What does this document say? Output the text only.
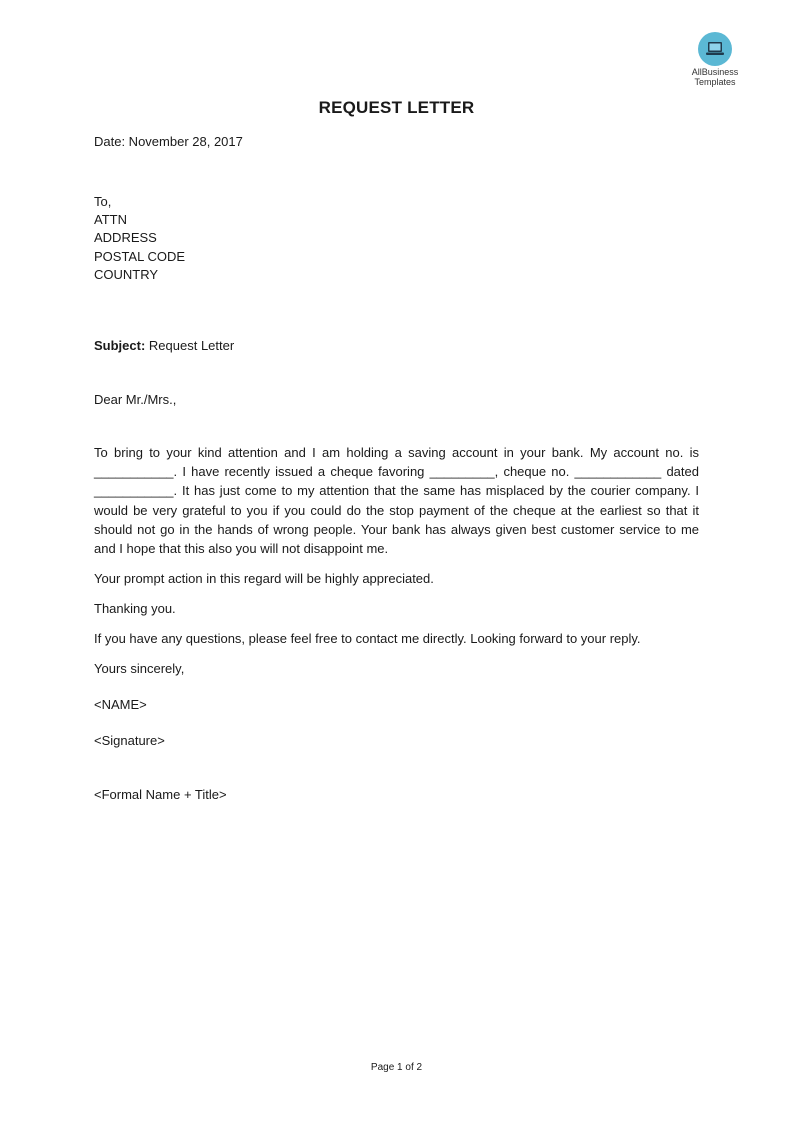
AllBusiness
Templates
REQUEST LETTER
Date: November 28, 2017
To,
ATTN
ADDRESS
POSTAL CODE
COUNTRY
Subject: Request Letter
Dear Mr./Mrs.,
To bring to your kind attention and I am holding a saving account in your bank. My account no. is ___________. I have recently issued a cheque favoring _________, cheque no. ____________ dated ___________. It has just come to my attention that the same has misplaced by the courier company. I would be very grateful to you if you could do the stop payment of the cheque at the earliest so that it should not go in the hands of wrong people. Your bank has always given best customer service to me and I hope that this also you will not disappoint me.
Your prompt action in this regard will be highly appreciated.
Thanking you.
If you have any questions, please feel free to contact me directly. Looking forward to your reply.
Yours sincerely,
<NAME>
<Signature>
<Formal Name + Title>
Page 1 of 2
